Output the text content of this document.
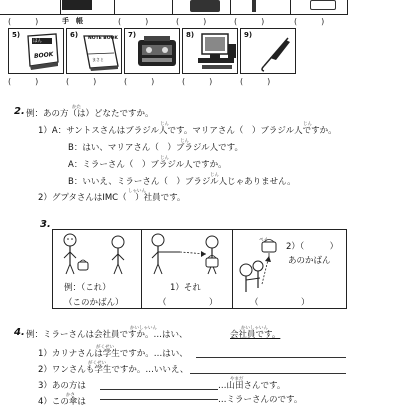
手　帳
(　　　)	(　　　)	(　　　)	(　　　)	(　　　)
5)	6)	7)	8)	9)
ほん
BOOK
NOTE BOOK
まさと
(　　　)	(　　　)	(　　　)	(　　　)	(　　　)
2.	かた
例：あの方（は）どなたですか。
じん	じん
1）A：サントスさんはブラジル人です。マリアさん（　）ブラジル人ですか。
じん
B：はい、マリアさん（　）ブラジル人です。
じん
A：ミラーさん（　）ブラジル人ですか。
じん
B：いいえ、ミラーさん（　）ブラジル人じゃありません。
しゃいん
2）グプタさんはIMC（　）社員です。
3.
例：（これ）
（このかばん）
1）それ
（　　　　　）
ペイ
2）（　　　）
あのかばん
（　　　　　）
4.	かいしゃいん	かいしゃいん
例：ミラーさんは会社員ですか。…はい、	会社員です。
がくせい
1）カリナさんは学生ですか。…はい、
がくせい
2）ワンさんも学生ですか。…いいえ、
やまだ
3）あの方は	…山田さんです。
かさ
4）この傘は	…ミラーさんのです。
